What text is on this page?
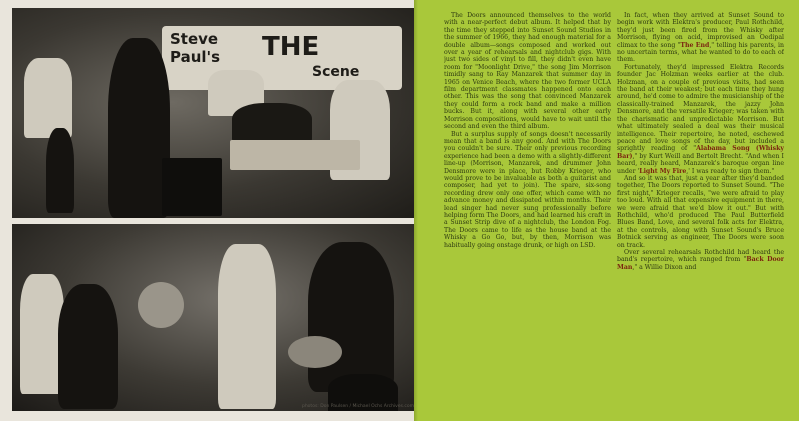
Steve
Paul's THE
Scene
photos: Don Paulsen / Michael Ochs Archives.com

The Doors announced themselves to the world with a near-perfect debut album. It helped that by the time they stepped into Sunset Sound Studios in the summer of 1966, they had enough material for a double album—songs composed and worked out over a year of rehearsals and nightclub gigs. With just two sides of vinyl to fill, they didn't even have room for "Moonlight Drive," the song Jim Morrison timidly sang to Ray Manzarek that summer day in 1965 on Venice Beach, where the two former UCLA film department classmates happened onto each other. This was the song that convinced Manzarek they could form a rock band and make a million bucks. But it, along with several other early Morrison compositions, would have to wait until the second and even the third album.

But a surplus supply of songs doesn't necessarily mean that a band is any good. And with The Doors you couldn't be sure. Their only previous recording experience had been a demo with a slightly-different line-up (Morrison, Manzarek, and drummer John Densmore were in place, but Robby Krieger, who would prove to be invaluable as both a guitarist and composer, had yet to join). The spare, six-song recording drew only one offer, which came with no advance money and dissipated within months. Their lead singer had never sung professionally before helping form The Doors, and had learned his craft in a Sunset Strip dive of a nightclub, the London Fog. The Doors came to life as the house band at the Whisky a Go Go, but, by then, Morrison was habitually going onstage drunk, or high on LSD.

In fact, when they arrived at Sunset Sound to begin work with Elektra's producer, Paul Rothchild, they'd just been fired from the Whisky after Morrison, flying on acid, improvised an Oedipal climax to the song "The End," telling his parents, in no uncertain terms, what he wanted to do to each of them.

Fortunately, they'd impressed Elektra Records founder Jac Holzman weeks earlier at the club. Holzman, on a couple of previous visits, had seen the band at their weakest; but each time they hung around, he'd come to admire the musicianship of the classically-trained Manzarek, the jazzy John Densmore, and the versatile Krieger; was taken with the charismatic and unpredictable Morrison. But what ultimately sealed a deal was their musical intelligence. Their repertoire, he noted, eschewed peace and love songs of the day, but included a sprightly reading of "Alabama Song (Whisky Bar)," by Kurt Weill and Bertolt Brecht. "And when I heard, really heard, Manzarek's baroque organ line under 'Light My Fire,' I was ready to sign them."

And so it was that, just a year after they'd banded together, The Doors reported to Sunset Sound. "The first night," Krieger recalls, "we were afraid to play too loud. With all that expensive equipment in there, we were afraid that we'd blow it out." But with Rothchild, who'd produced The Paul Butterfield Blues Band, Love, and several folk acts for Elektra, at the controls, along with Sunset Sound's Bruce Botnick serving as engineer, The Doors were soon on track.

Over several rehearsals Rothchild had heard the band's repertoire, which ranged from "Back Door Man," a Willie Dixon and
